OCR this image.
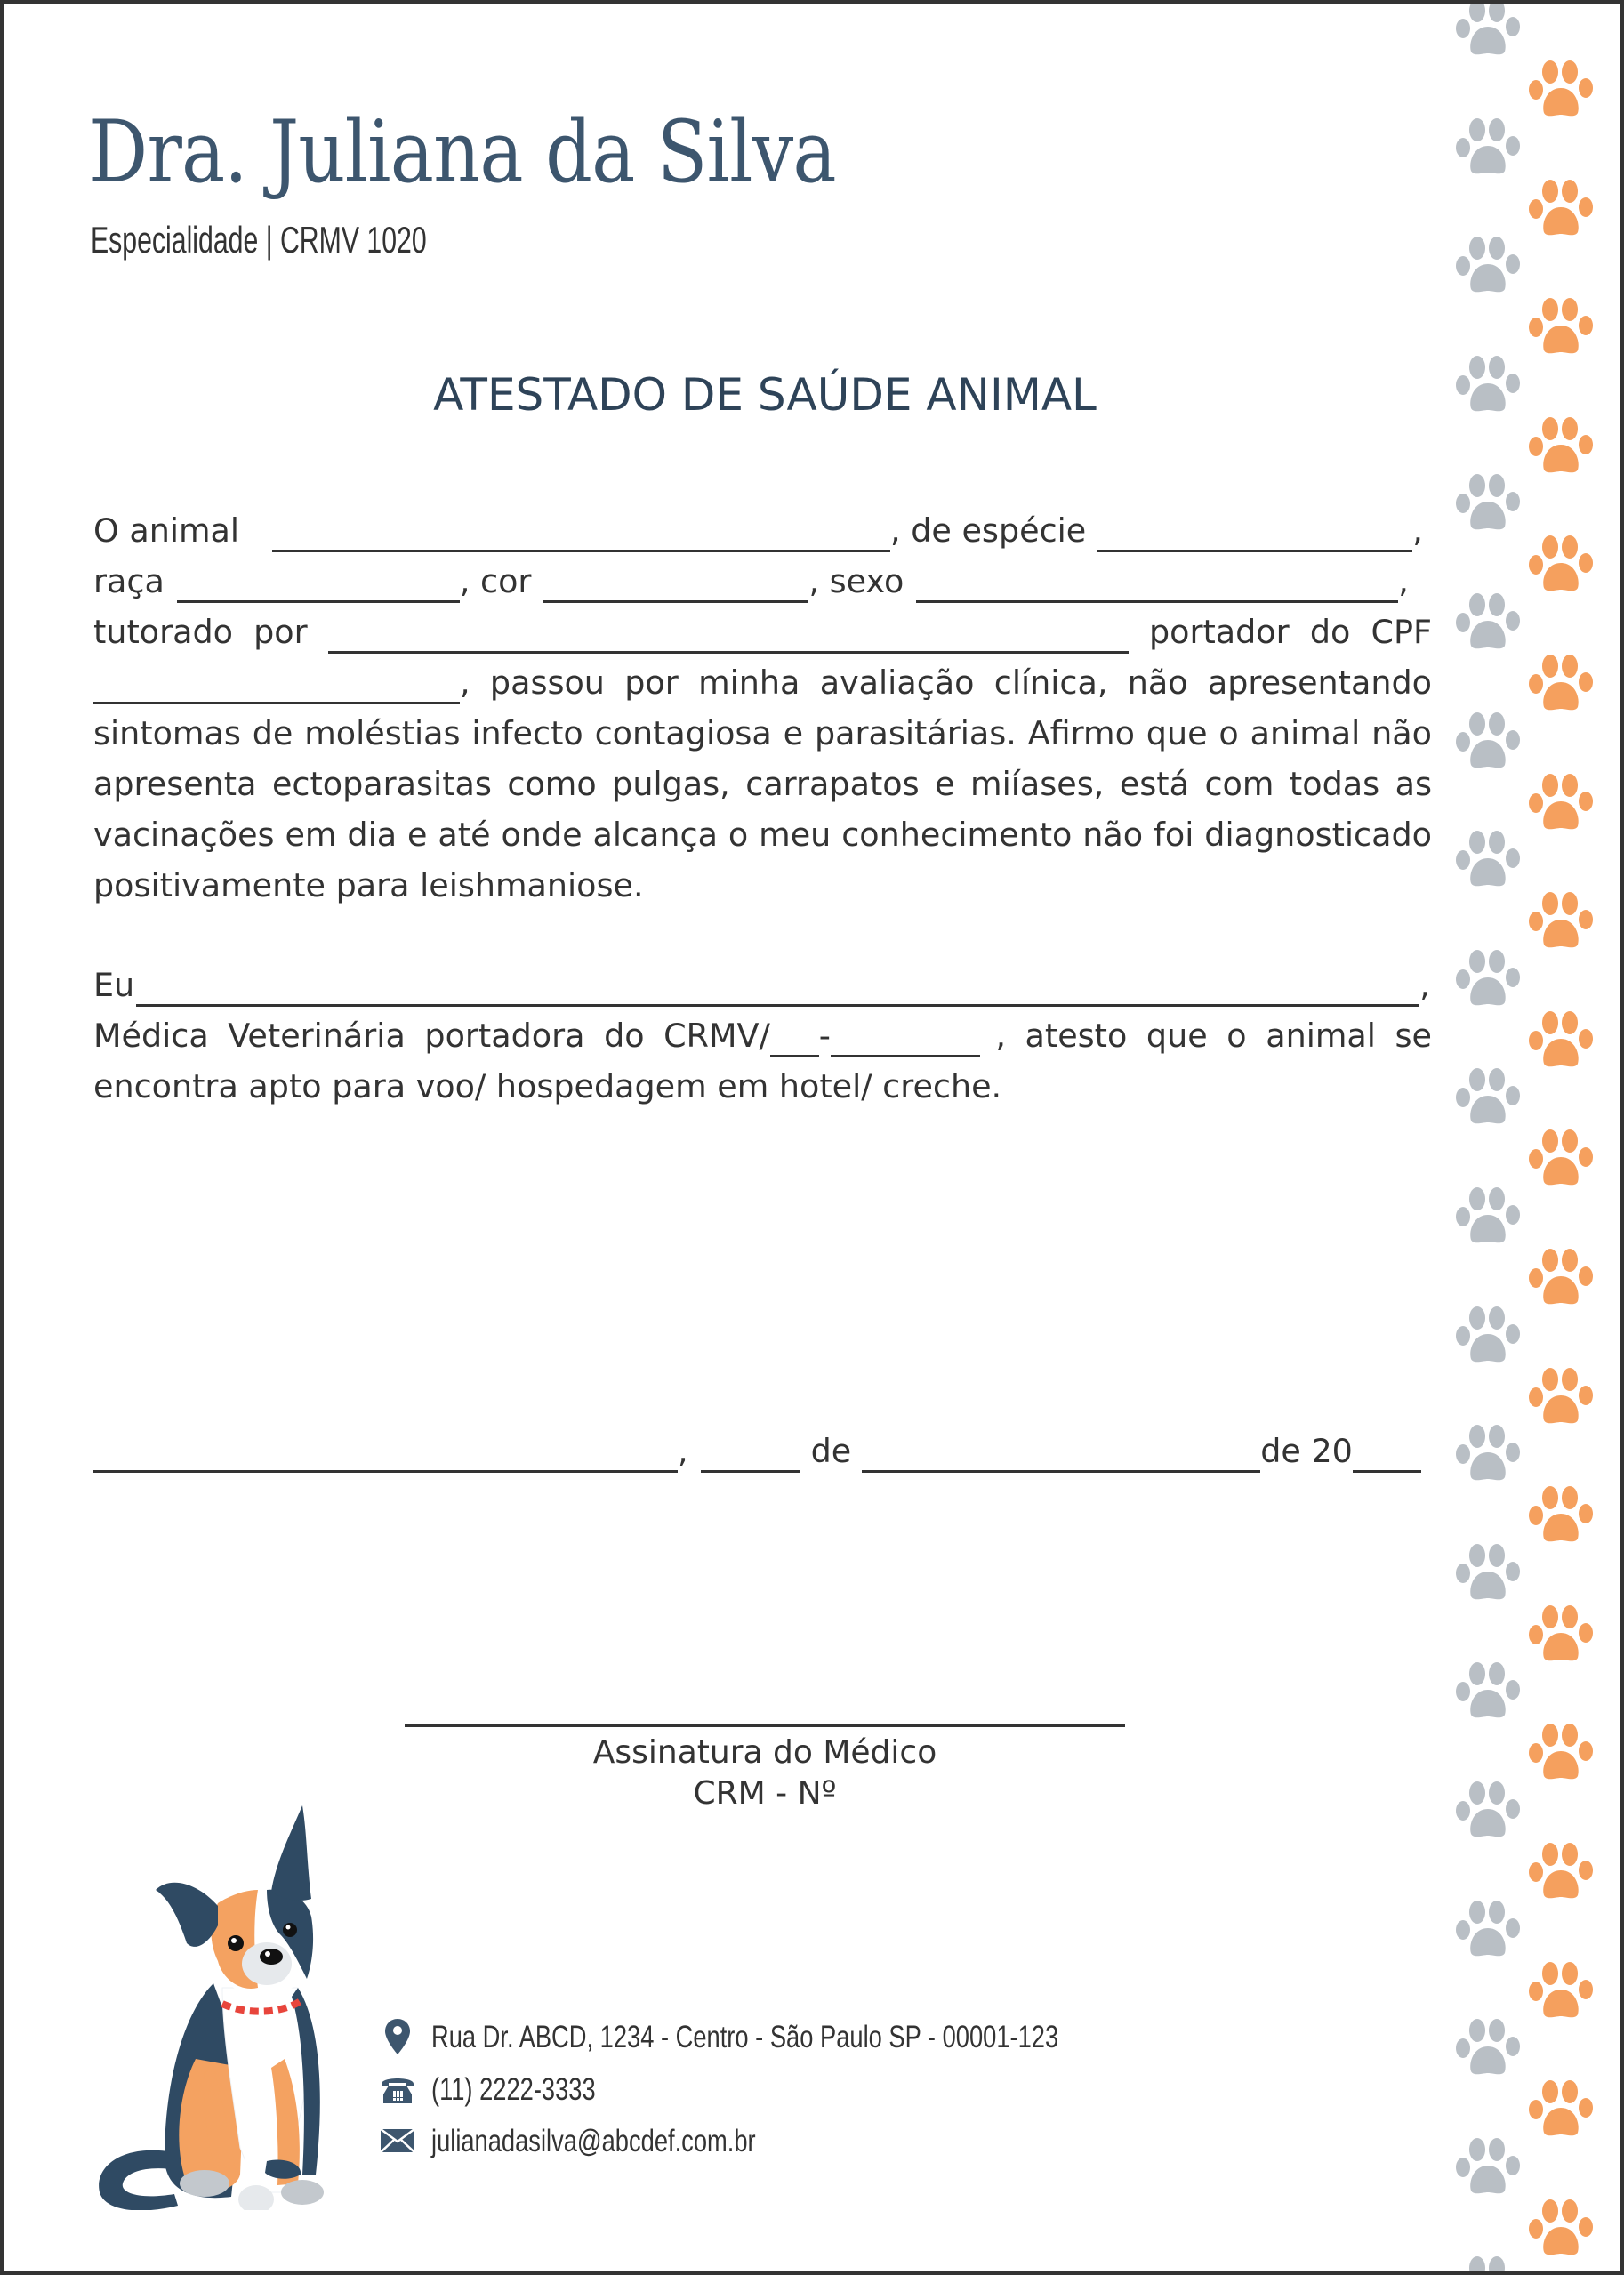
Dra. Juliana da Silva
Especialidade | CRMV 1020
ATESTADO DE SAÚDE ANIMAL
O animal	, de espécie	,
raça	, cor	, sexo	,
tutorado por	portador do CPF
, passou por minha avaliação clínica, não apresentando
sintomas de moléstias infecto contagiosa e parasitárias. Afirmo que o animal não
apresenta ectoparasitas como pulgas, carrapatos e miíases, está com todas as
vacinações em dia e até onde alcança o meu conhecimento não foi diagnosticado
positivamente para leishmaniose.
Eu	,
Médica Veterinária portadora do CRMV/ -	, atesto que o animal se
encontra apto para voo/ hospedagem em hotel/ creche.
,	de	de 20
Assinatura do Médico
CRM - Nº
Rua Dr. ABCD, 1234 - Centro - São Paulo SP - 00001-123
(11) 2222-3333
julianadasilva@abcdef.com.br
